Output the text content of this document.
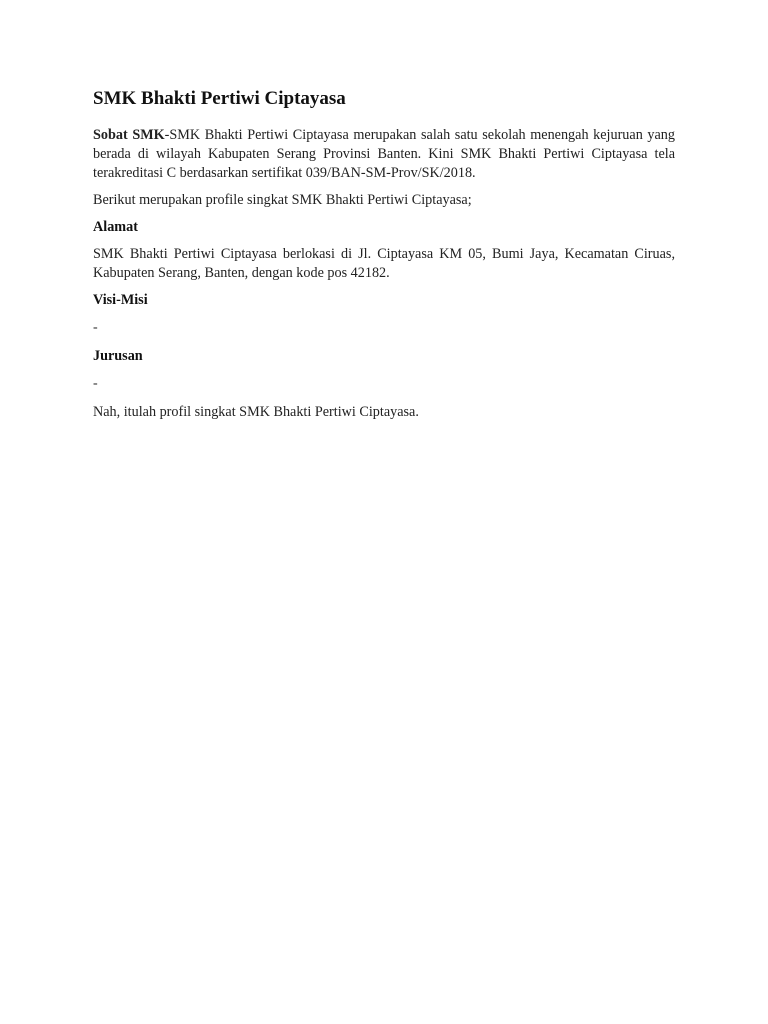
SMK Bhakti Pertiwi Ciptayasa

Sobat SMK-SMK Bhakti Pertiwi Ciptayasa merupakan salah satu sekolah menengah kejuruan yang berada di wilayah Kabupaten Serang Provinsi Banten. Kini SMK Bhakti Pertiwi Ciptayasa tela terakreditasi C berdasarkan sertifikat 039/BAN-SM-Prov/SK/2018.

Berikut merupakan profile singkat SMK Bhakti Pertiwi Ciptayasa;

Alamat

SMK Bhakti Pertiwi Ciptayasa berlokasi di Jl. Ciptayasa KM 05, Bumi Jaya, Kecamatan Ciruas, Kabupaten Serang, Banten, dengan kode pos 42182.

Visi-Misi

-

Jurusan

-

Nah, itulah profil singkat SMK Bhakti Pertiwi Ciptayasa.
